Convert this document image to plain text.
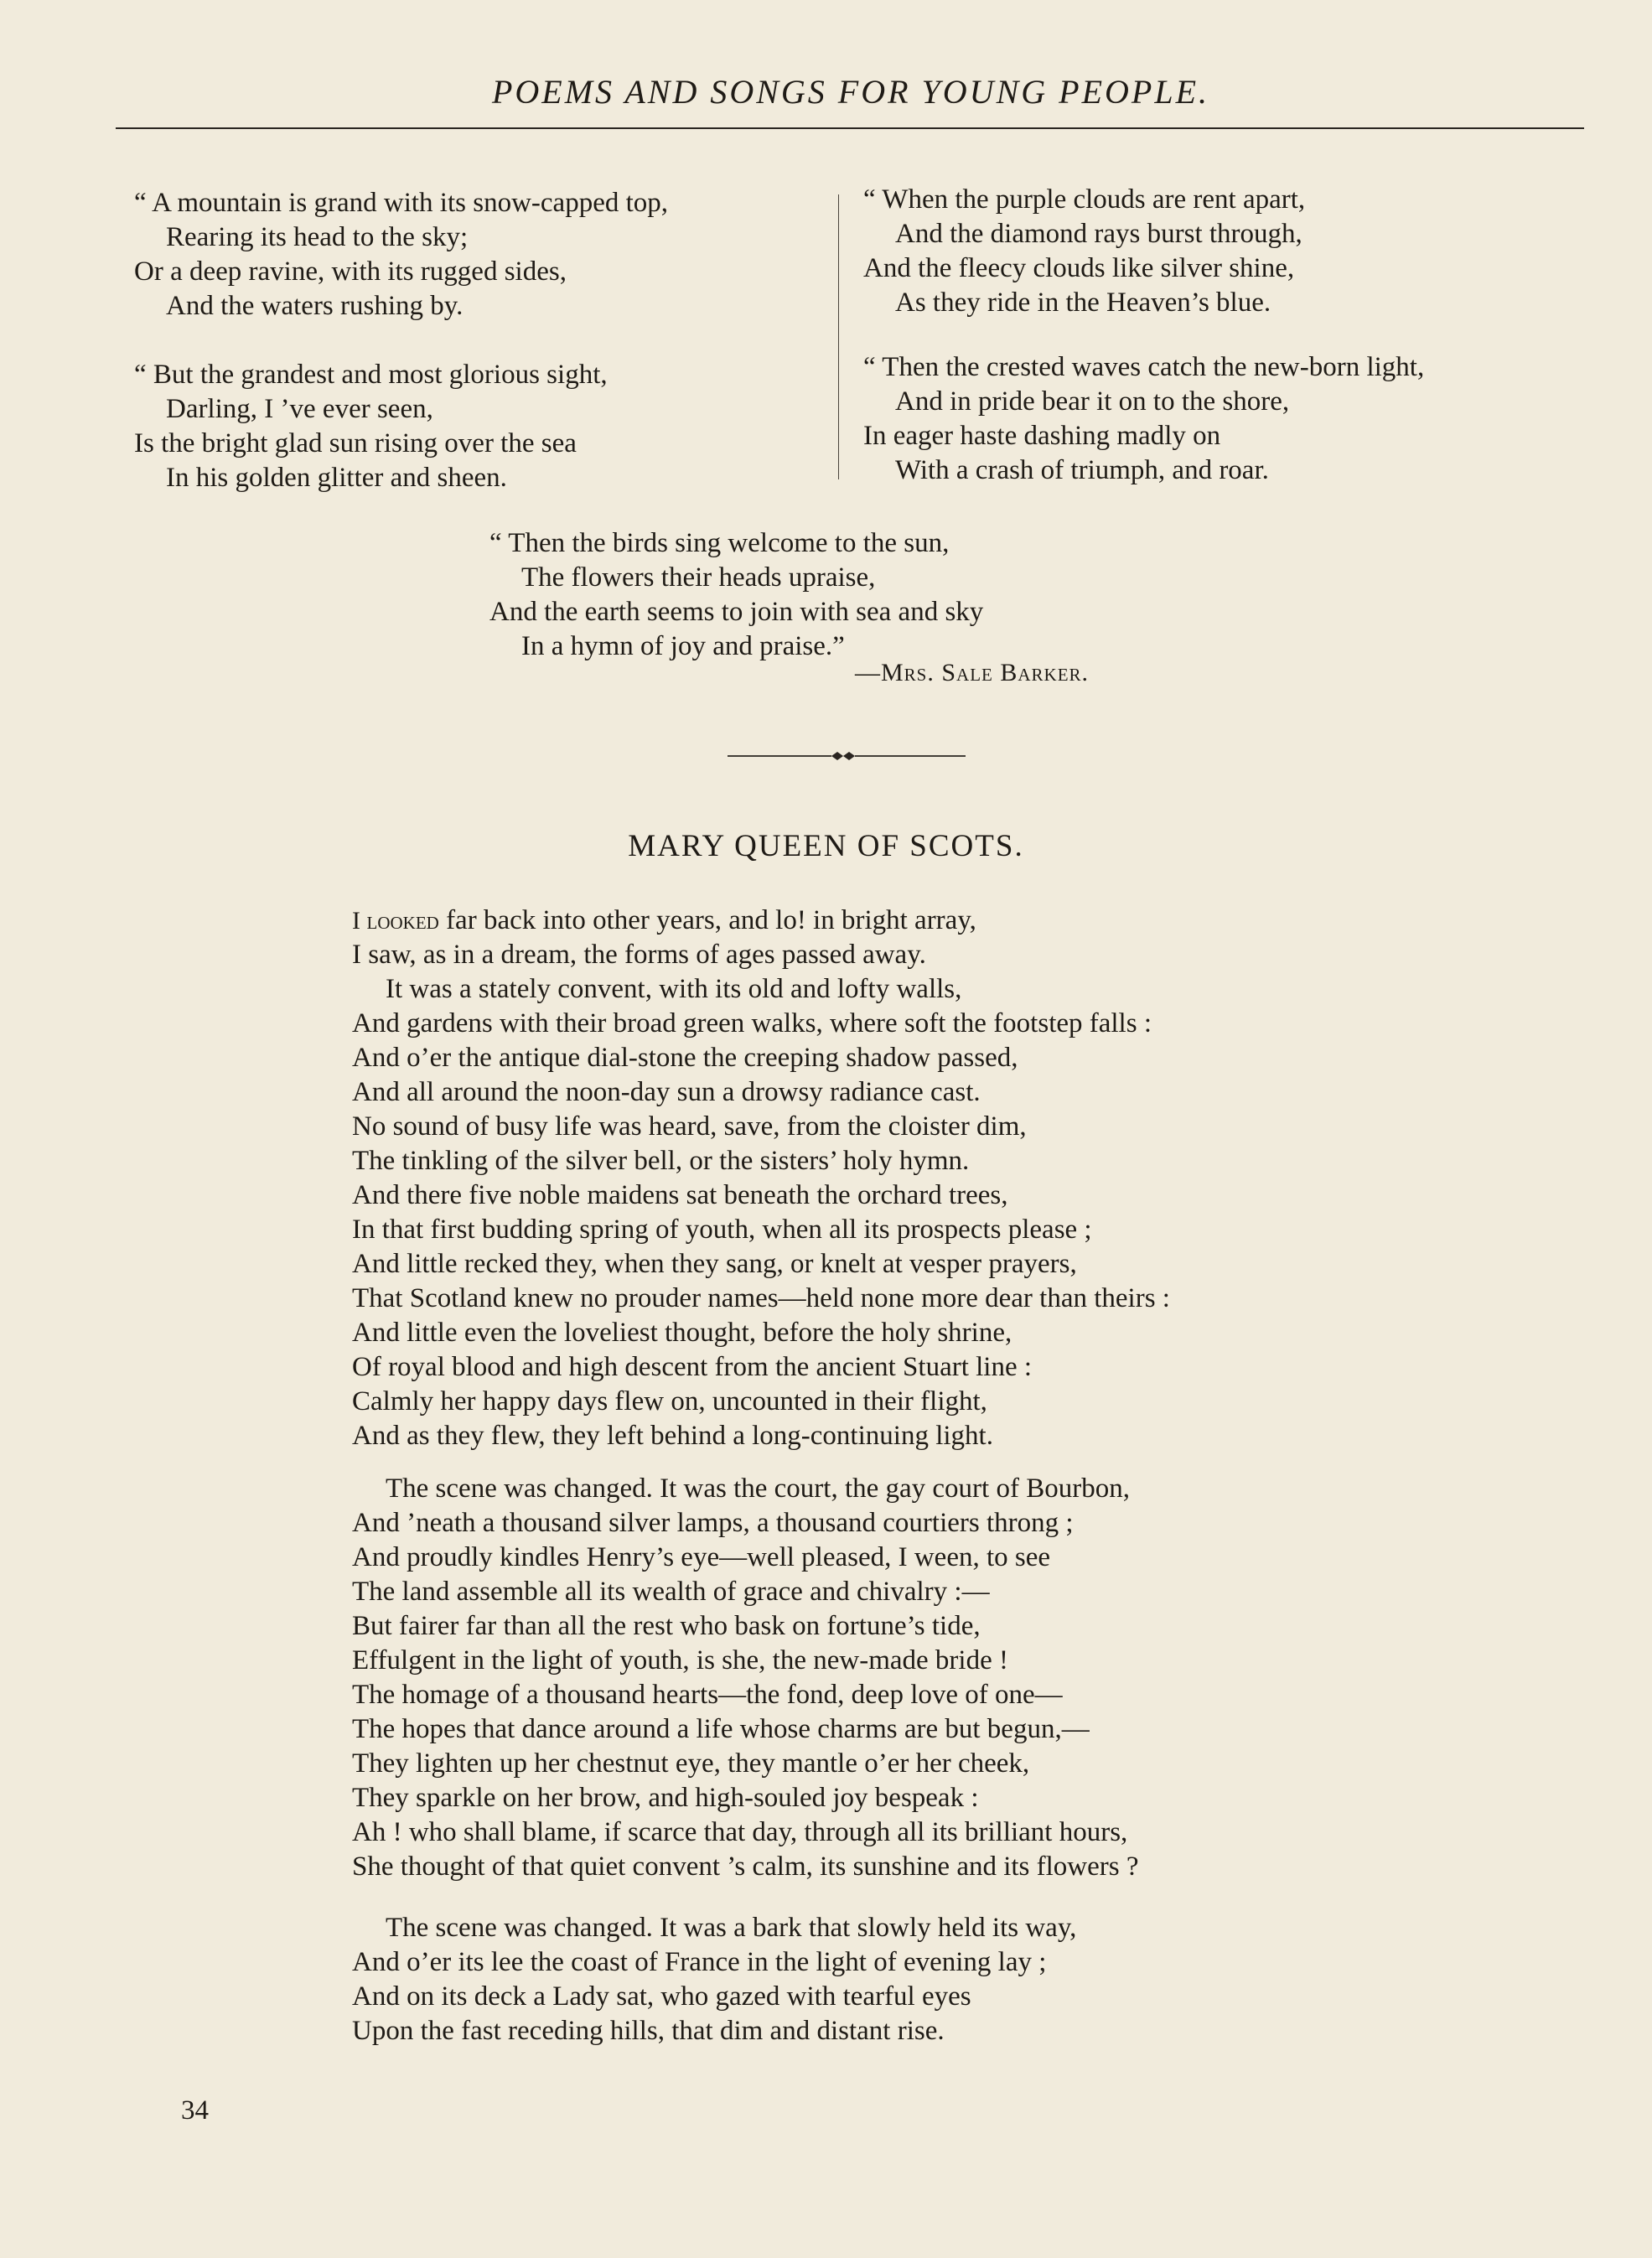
POEMS AND SONGS FOR YOUNG PEOPLE.
“ A mountain is grand with its snow-capped top,
Rearing its head to the sky;
Or a deep ravine, with its rugged sides,
And the waters rushing by.
“ But the grandest and most glorious sight,
Darling, I ’ve ever seen,
Is the bright glad sun rising over the sea
In his golden glitter and sheen.
“ When the purple clouds are rent apart,
And the diamond rays burst through,
And the fleecy clouds like silver shine,
As they ride in the Heaven’s blue.
“ Then the crested waves catch the new-born light,
And in pride bear it on to the shore,
In eager haste dashing madly on
With a crash of triumph, and roar.
“ Then the birds sing welcome to the sun,
The flowers their heads upraise,
And the earth seems to join with sea and sky
In a hymn of joy and praise.”
—Mrs. Sale Barker.
MARY QUEEN OF SCOTS.
I looked far back into other years, and lo! in bright array,
I saw, as in a dream, the forms of ages passed away.
It was a stately convent, with its old and lofty walls,
And gardens with their broad green walks, where soft the footstep falls :
And o’er the antique dial-stone the creeping shadow passed,
And all around the noon-day sun a drowsy radiance cast.
No sound of busy life was heard, save, from the cloister dim,
The tinkling of the silver bell, or the sisters’ holy hymn.
And there five noble maidens sat beneath the orchard trees,
In that first budding spring of youth, when all its prospects please ;
And little recked they, when they sang, or knelt at vesper prayers,
That Scotland knew no prouder names—held none more dear than theirs :
And little even the loveliest thought, before the holy shrine,
Of royal blood and high descent from the ancient Stuart line :
Calmly her happy days flew on, uncounted in their flight,
And as they flew, they left behind a long-continuing light.
The scene was changed. It was the court, the gay court of Bourbon,
And ’neath a thousand silver lamps, a thousand courtiers throng ;
And proudly kindles Henry’s eye—well pleased, I ween, to see
The land assemble all its wealth of grace and chivalry :—
But fairer far than all the rest who bask on fortune’s tide,
Effulgent in the light of youth, is she, the new-made bride !
The homage of a thousand hearts—the fond, deep love of one—
The hopes that dance around a life whose charms are but begun,—
They lighten up her chestnut eye, they mantle o’er her cheek,
They sparkle on her brow, and high-souled joy bespeak :
Ah ! who shall blame, if scarce that day, through all its brilliant hours,
She thought of that quiet convent ’s calm, its sunshine and its flowers ?
The scene was changed. It was a bark that slowly held its way,
And o’er its lee the coast of France in the light of evening lay ;
And on its deck a Lady sat, who gazed with tearful eyes
Upon the fast receding hills, that dim and distant rise.

34
